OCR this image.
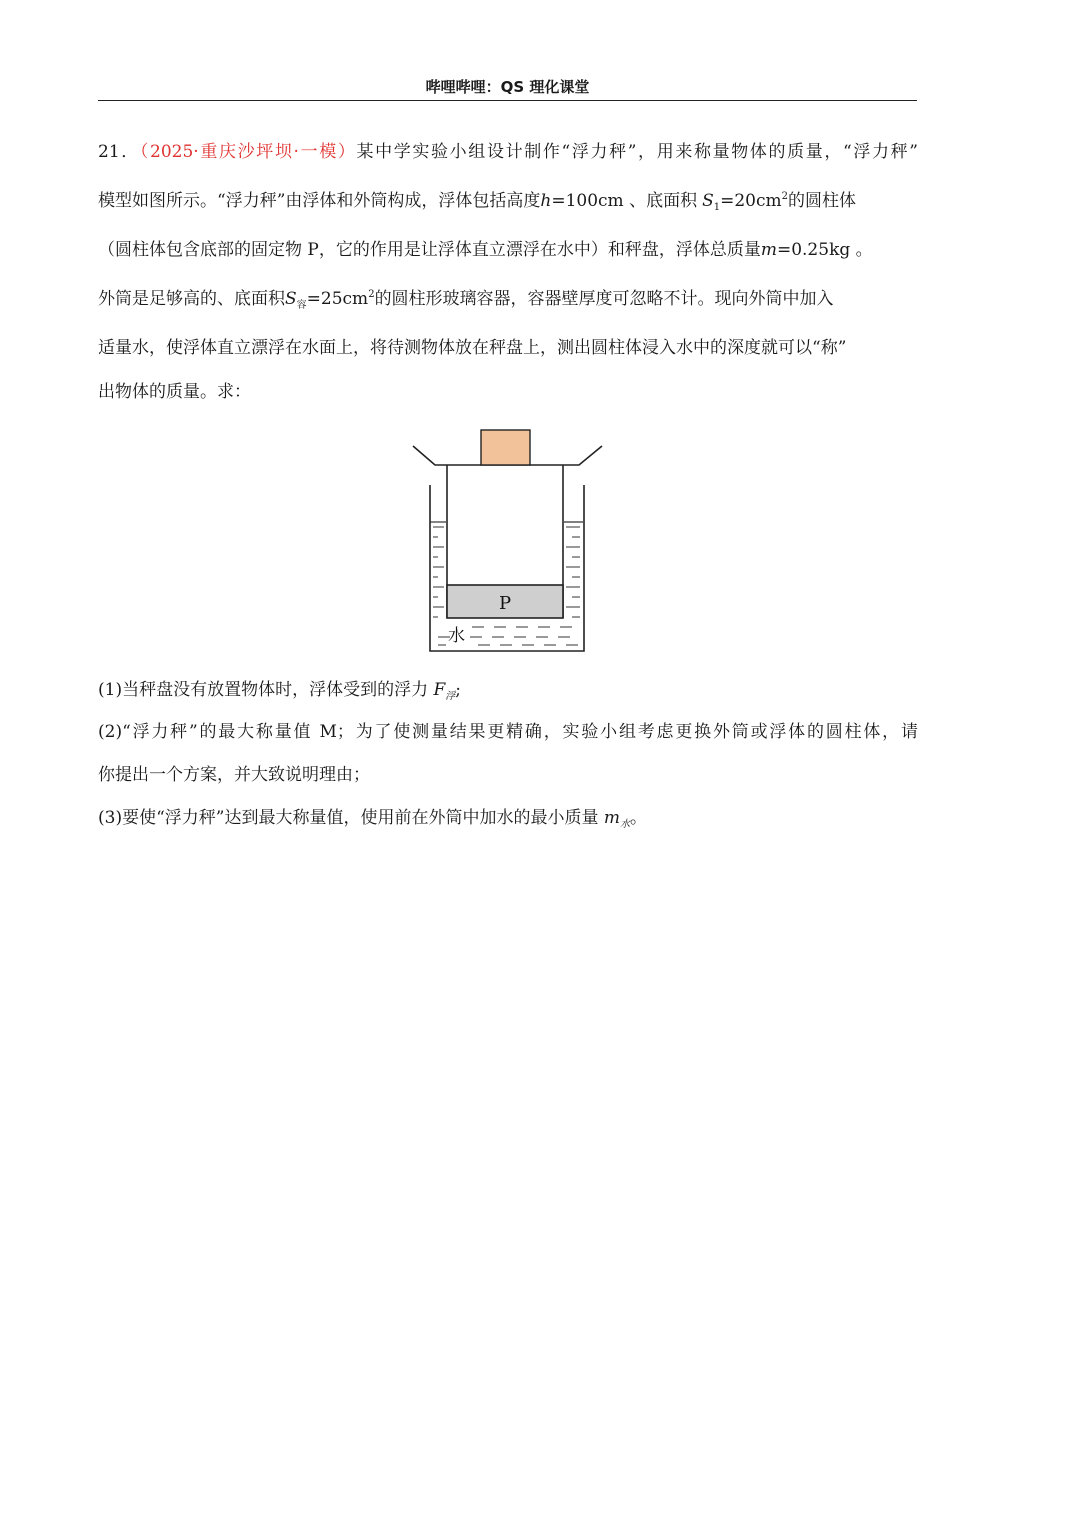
哔哩哔哩：QS 理化课堂
21．（2025·重庆沙坪坝·一模）某中学实验小组设计制作“浮力秤”，用来称量物体的质量，“浮力秤”
模型如图所示。“浮力秤”由浮体和外筒构成，浮体包括高度h=100cm 、底面积 $S_1=20cm^2$的圆柱体
（圆柱体包含底部的固定物 P，它的作用是让浮体直立漂浮在水中）和秤盘，浮体总质量m=0.25kg 。
外筒是足够高的、底面积$S_容=25cm^2$的圆柱形玻璃容器，容器壁厚度可忽略不计。现向外筒中加入
适量水，使浮体直立漂浮在水面上，将待测物体放在秤盘上，测出圆柱体浸入水中的深度就可以“称”
出物体的质量。求：
P
水
(1)当秤盘没有放置物体时，浮体受到的浮力 $F_浮$;
(2)“浮力秤”的最大称量值 M；为了使测量结果更精确，实验小组考虑更换外筒或浮体的圆柱体，请
你提出一个方案，并大致说明理由；
(3)要使“浮力秤”达到最大称量值，使用前在外筒中加水的最小质量 $m_水$。
